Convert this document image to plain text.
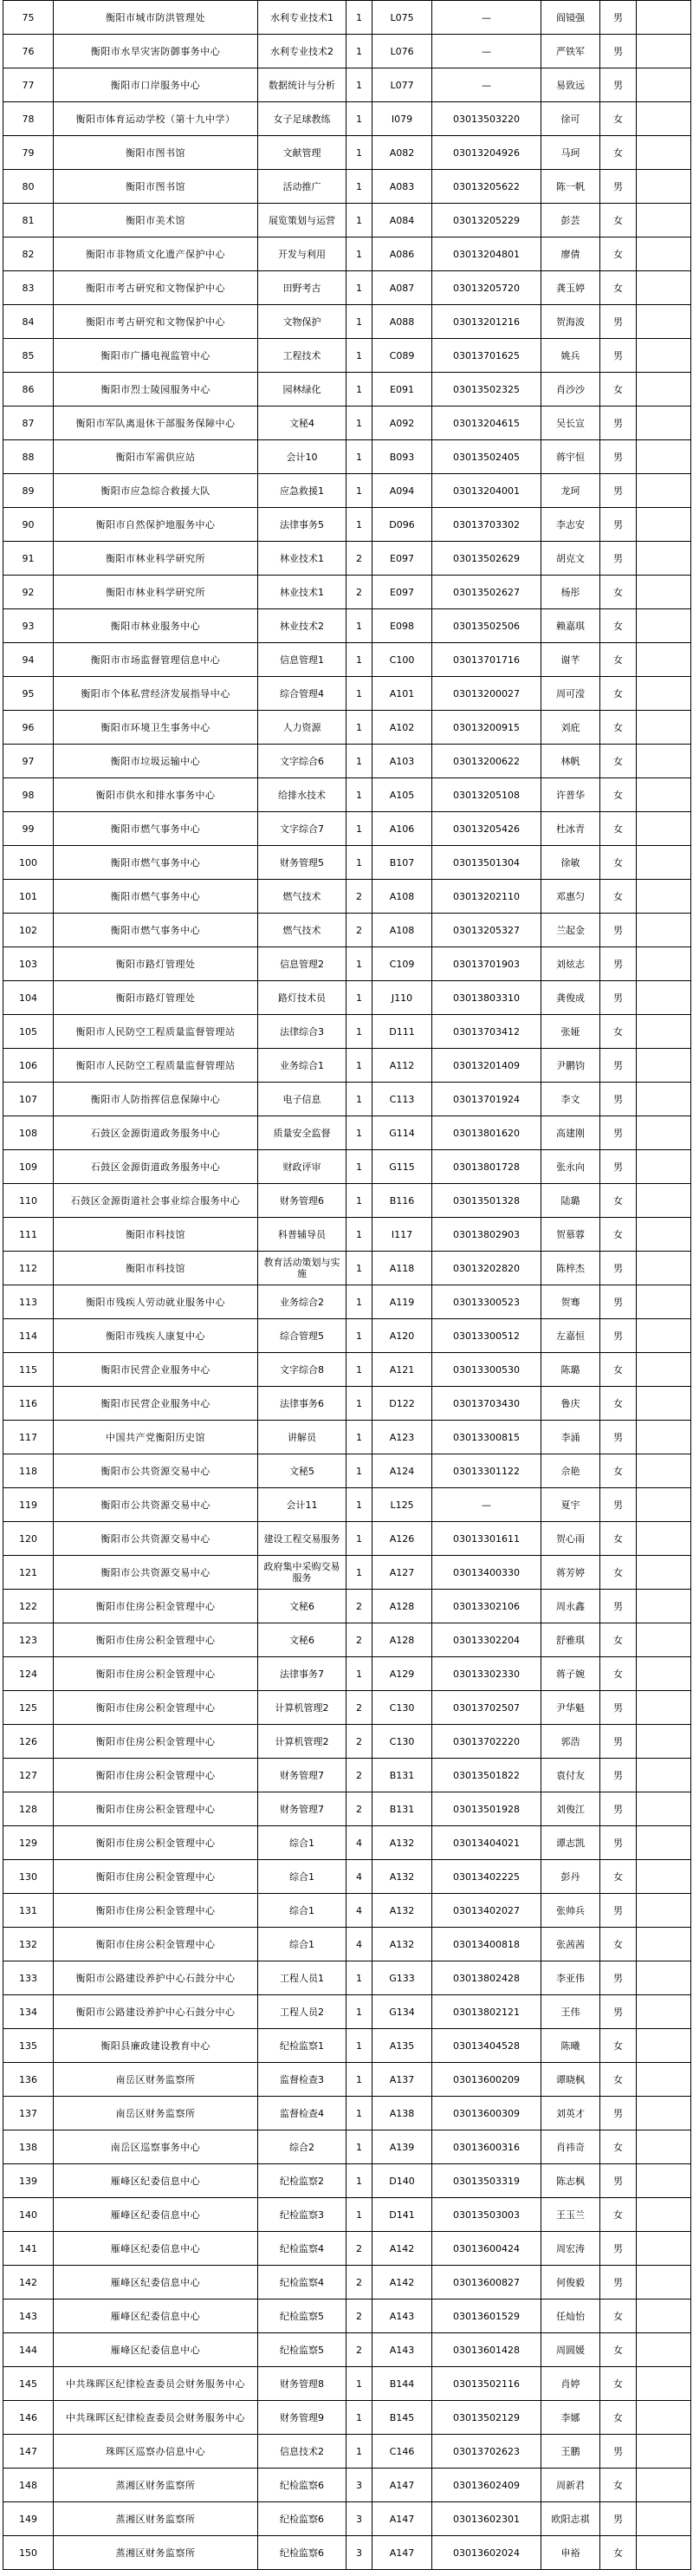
75	衡阳市城市防洪管理处	水利专业技术1	1	L075	—	阎镜强	男	
76	衡阳市水旱灾害防御事务中心	水利专业技术2	1	L076	—	严铁军	男	
77	衡阳市口岸服务中心	数据统计与分析	1	L077	—	易致远	男	
78	衡阳市体育运动学校（第十九中学）	女子足球教练	1	I079	03013503220	徐可	女	
79	衡阳市图书馆	文献管理	1	A082	03013204926	马珂	女	
80	衡阳市图书馆	活动推广	1	A083	03013205622	陈一帆	男	
81	衡阳市美术馆	展览策划与运营	1	A084	03013205229	彭芸	女	
82	衡阳市非物质文化遗产保护中心	开发与利用	1	A086	03013204801	廖倩	女	
83	衡阳市考古研究和文物保护中心	田野考古	1	A087	03013205720	龚玉婷	女	
84	衡阳市考古研究和文物保护中心	文物保护	1	A088	03013201216	贺海波	男	
85	衡阳市广播电视监管中心	工程技术	1	C089	03013701625	姚兵	男	
86	衡阳市烈士陵园服务中心	园林绿化	1	E091	03013502325	肖沙沙	女	
87	衡阳市军队离退休干部服务保障中心	文秘4	1	A092	03013204615	吴长宣	男	
88	衡阳市军需供应站	会计10	1	B093	03013502405	蒋宇恒	男	
89	衡阳市应急综合救援大队	应急救援1	1	A094	03013204001	龙珂	男	
90	衡阳市自然保护地服务中心	法律事务5	1	D096	03013703302	李志安	男	
91	衡阳市林业科学研究所	林业技术1	2	E097	03013502629	胡克文	男	
92	衡阳市林业科学研究所	林业技术1	2	E097	03013502627	杨彤	女	
93	衡阳市林业服务中心	林业技术2	1	E098	03013502506	赖嘉琪	女	
94	衡阳市市场监督管理信息中心	信息管理1	1	C100	03013701716	谢芊	女	
95	衡阳市个体私营经济发展指导中心	综合管理4	1	A101	03013200027	周可滢	女	
96	衡阳市环境卫生事务中心	人力资源	1	A102	03013200915	刘庇	女	
97	衡阳市垃圾运输中心	文字综合6	1	A103	03013200622	林帆	女	
98	衡阳市供水和排水事务中心	给排水技术	1	A105	03013205108	许普华	女	
99	衡阳市燃气事务中心	文字综合7	1	A106	03013205426	杜冰青	女	
100	衡阳市燃气事务中心	财务管理5	1	B107	03013501304	徐敏	女	
101	衡阳市燃气事务中心	燃气技术	2	A108	03013202110	邓惠匀	女	
102	衡阳市燃气事务中心	燃气技术	2	A108	03013205327	兰起金	男	
103	衡阳市路灯管理处	信息管理2	1	C109	03013701903	刘炫志	男	
104	衡阳市路灯管理处	路灯技术员	1	J110	03013803310	龚俊成	男	
105	衡阳市人民防空工程质量监督管理站	法律综合3	1	D111	03013703412	张娅	女	
106	衡阳市人民防空工程质量监督管理站	业务综合1	1	A112	03013201409	尹鹏钧	男	
107	衡阳市人防指挥信息保障中心	电子信息	1	C113	03013701924	李文	男	
108	石鼓区金源街道政务服务中心	质量安全监督	1	G114	03013801620	高建刚	男	
109	石鼓区金源街道政务服务中心	财政评审	1	G115	03013801728	张永向	男	
110	石鼓区金源街道社会事业综合服务中心	财务管理6	1	B116	03013501328	陆璐	女	
111	衡阳市科技馆	科普辅导员	1	I117	03013802903	贺慕蓉	女	
112	衡阳市科技馆	教育活动策划与实施	1	A118	03013202820	陈梓杰	男	
113	衡阳市残疾人劳动就业服务中心	业务综合2	1	A119	03013300523	贺骞	男	
114	衡阳市残疾人康复中心	综合管理5	1	A120	03013300512	左嘉恒	男	
115	衡阳市民营企业服务中心	文字综合8	1	A121	03013300530	陈璐	女	
116	衡阳市民营企业服务中心	法律事务6	1	D122	03013703430	鲁庆	女	
117	中国共产党衡阳历史馆	讲解员	1	A123	03013300815	李涌	男	
118	衡阳市公共资源交易中心	文秘5	1	A124	03013301122	佘艳	女	
119	衡阳市公共资源交易中心	会计11	1	L125	—	夏宇	男	
120	衡阳市公共资源交易中心	建设工程交易服务	1	A126	03013301611	贺心雨	女	
121	衡阳市公共资源交易中心	政府集中采购交易服务	1	A127	03013400330	蒋芳婷	女	
122	衡阳市住房公积金管理中心	文秘6	2	A128	03013302106	周永鑫	男	
123	衡阳市住房公积金管理中心	文秘6	2	A128	03013302204	舒雅琪	女	
124	衡阳市住房公积金管理中心	法律事务7	1	A129	03013302330	蒋子婉	女	
125	衡阳市住房公积金管理中心	计算机管理2	2	C130	03013702507	尹华魁	男	
126	衡阳市住房公积金管理中心	计算机管理2	2	C130	03013702220	郭浩	男	
127	衡阳市住房公积金管理中心	财务管理7	2	B131	03013501822	袁付友	男	
128	衡阳市住房公积金管理中心	财务管理7	2	B131	03013501928	刘俊江	男	
129	衡阳市住房公积金管理中心	综合1	4	A132	03013404021	谭志凯	男	
130	衡阳市住房公积金管理中心	综合1	4	A132	03013402225	彭丹	女	
131	衡阳市住房公积金管理中心	综合1	4	A132	03013402027	张帅兵	男	
132	衡阳市住房公积金管理中心	综合1	4	A132	03013400818	张茜茜	女	
133	衡阳市公路建设养护中心石鼓分中心	工程人员1	1	G133	03013802428	李亚伟	男	
134	衡阳市公路建设养护中心石鼓分中心	工程人员2	1	G134	03013802121	王伟	男	
135	衡阳县廉政建设教育中心	纪检监察1	1	A135	03013404528	陈曦	女	
136	南岳区财务监察所	监督检查3	1	A137	03013600209	谭晓枫	女	
137	南岳区财务监察所	监督检查4	1	A138	03013600309	刘英才	男	
138	南岳区巡察事务中心	综合2	1	A139	03013600316	肖祎奇	女	
139	雁峰区纪委信息中心	纪检监察2	1	D140	03013503319	陈志枫	男	
140	雁峰区纪委信息中心	纪检监察3	1	D141	03013503003	王玉兰	女	
141	雁峰区纪委信息中心	纪检监察4	2	A142	03013600424	周宏涛	男	
142	雁峰区纪委信息中心	纪检监察4	2	A142	03013600827	何俊毅	男	
143	雁峰区纪委信息中心	纪检监察5	2	A143	03013601529	任灿怡	女	
144	雁峰区纪委信息中心	纪检监察5	2	A143	03013601428	周圆媛	女	
145	中共珠晖区纪律检查委员会财务服务中心	财务管理8	1	B144	03013502116	肖婷	女	
146	中共珠晖区纪律检查委员会财务服务中心	财务管理9	1	B145	03013502129	李娜	女	
147	珠晖区巡察办信息中心	信息技术2	1	C146	03013702623	王鹏	男	
148	蒸湘区财务监察所	纪检监察6	3	A147	03013602409	周新君	女	
149	蒸湘区财务监察所	纪检监察6	3	A147	03013602301	欧阳志祺	男	
150	蒸湘区财务监察所	纪检监察6	3	A147	03013602024	申裕	女	
